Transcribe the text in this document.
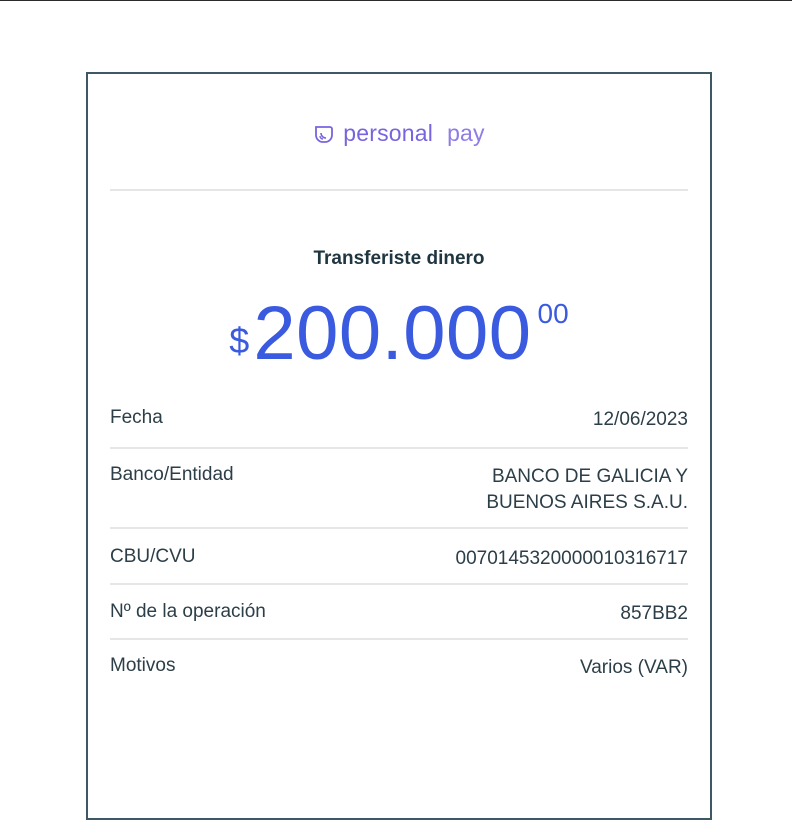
personal pay
Transferiste dinero
$ 200.000 00
Fecha	12/06/2023
Banco/Entidad	BANCO DE GALICIA Y
BUENOS AIRES S.A.U.
CBU/CVU	0070145320000010316717
Nº de la operación	857BB2
Motivos	Varios (VAR)
